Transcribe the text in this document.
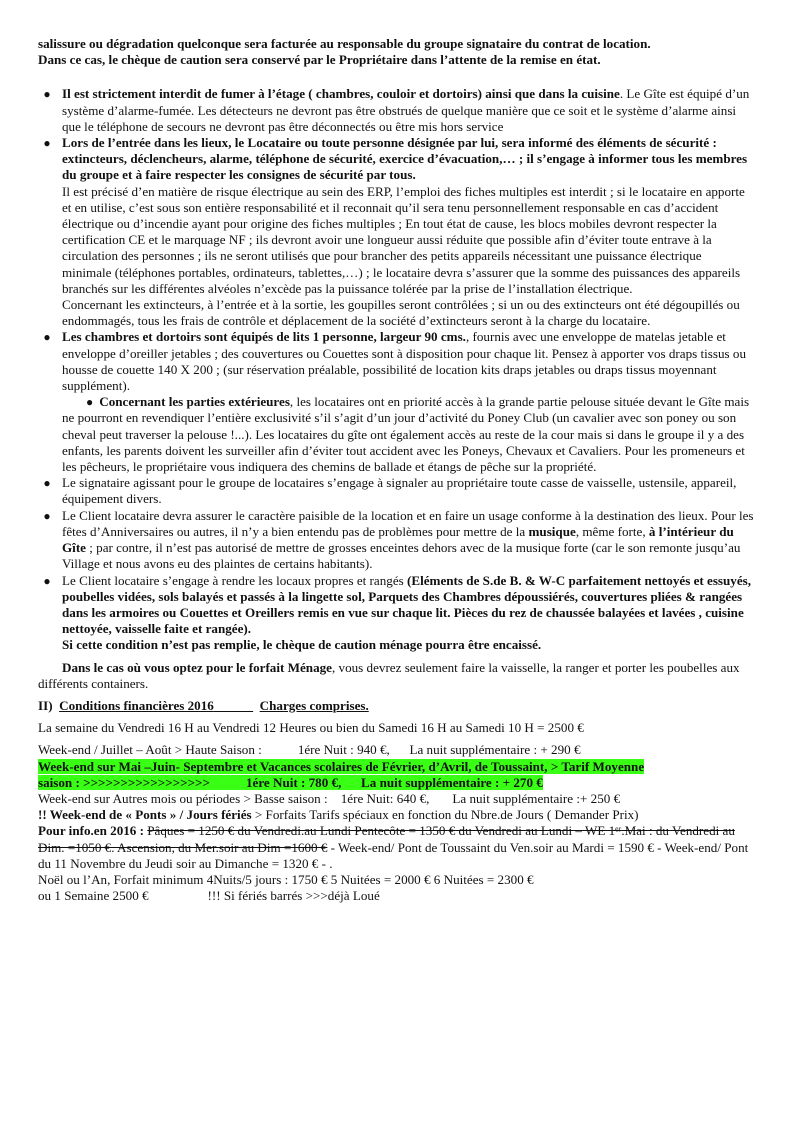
salissure ou dégradation quelconque sera facturée au responsable du groupe signataire du contrat de location.

Dans ce cas, le chèque de caution sera conservé par le Propriétaire dans l’attente de la remise en état.

● Il est strictement interdit de fumer à l’étage ( chambres, couloir et dortoirs) ainsi que dans la cuisine. Le Gîte est équipé d’un système d’alarme-fumée. Les détecteurs ne devront pas être obstrués de quelque manière que ce soit et le système d’alarme ainsi que le téléphone de secours ne devront pas être déconnectés ou être mis hors service

● Lors de l’entrée dans les lieux, le Locataire ou toute personne désignée par lui, sera informé des éléments de sécurité : extincteurs, déclencheurs, alarme, téléphone de sécurité, exercice d’évacuation,… ; il s’engage à informer tous les membres du groupe et à faire respecter les consignes de sécurité par tous.

Il est précisé d’en matière de risque électrique au sein des ERP, l’emploi des fiches multiples est interdit ; si le locataire en apporte et en utilise, c’est sous son entière responsabilité et il reconnait qu’il sera tenu personnellement responsable en cas d’accident électrique ou d’incendie ayant pour origine des fiches multiples ; En tout état de cause, les blocs mobiles devront respecter la certification CE et le marquage NF ; ils devront avoir une longueur aussi réduite que possible afin d’éviter toute entrave à la circulation des personnes ; ils ne seront utilisés que pour brancher des petits appareils nécessitant une puissance électrique minimale (téléphones portables, ordinateurs, tablettes,…) ; le locataire devra s’assurer que la somme des puissances des appareils branchés sur les différentes alvéoles n’excède pas la puissance tolérée par la prise de l’installation électrique.

Concernant les extincteurs, à l’entrée et à la sortie, les goupilles seront contrôlées ; si un ou des extincteurs ont été dégoupillés ou endommagés, tous les frais de contrôle et déplacement de la société d’extincteurs seront à la charge du locataire.

● Les chambres et dortoirs sont équipés de lits 1 personne, largeur 90 cms., fournis avec une enveloppe de matelas jetable et enveloppe d’oreiller jetables ; des couvertures ou Couettes sont à disposition pour chaque lit. Pensez à apporter vos draps tissus ou housse de couette 140 X 200 ; (sur réservation préalable, possibilité de location kits draps jetables ou draps tissus moyennant supplément).

●  Concernant les parties extérieures, les locataires ont en priorité accès à la grande partie pelouse située devant le Gîte mais ne pourront en revendiquer l’entière exclusivité s’il s’agit d’un jour d’activité du Poney Club (un cavalier avec son poney ou son cheval peut traverser la pelouse !...). Les locataires du gîte ont également accès au reste de la cour mais si dans le groupe il y a des enfants, les parents doivent les surveiller afin d’éviter tout accident avec les Poneys, Chevaux et Cavaliers. Pour les promeneurs et les pêcheurs, le propriétaire vous indiquera des chemins de ballade et étangs de pêche sur la propriété.

● Le signataire agissant pour le groupe de locataires s’engage à signaler au propriétaire toute casse de vaisselle, ustensile, appareil, équipement divers.

● Le Client locataire devra assurer le caractère paisible de la location et en faire un usage conforme à la destination des lieux. Pour les fêtes d’Anniversaires ou autres, il n’y a bien entendu pas de problèmes pour mettre de la musique, même forte, à l’intérieur du Gîte ; par contre, il n’est pas autorisé de mettre de grosses enceintes dehors avec de la musique forte (car le son remonte jusqu’au Village et nous avons eu des plaintes de certains habitants).

● Le Client locataire s’engage à rendre les locaux propres et rangés (Eléments de S.de B. & W-C parfaitement nettoyés et essuyés, poubelles vidées, sols balayés et passés à la lingette sol, Parquets des Chambres dépoussiérés, couvertures pliées & rangées dans les armoires ou Couettes et Oreillers remis en vue sur chaque lit. Pièces du rez de chaussée balayées et lavées , cuisine nettoyée, vaisselle faite et rangée).

Si cette condition n’est pas remplie, le chèque de caution ménage pourra être encaissé.

Dans le cas où vous optez pour le forfait Ménage, vous devrez seulement faire la vaisselle, la ranger et porter les poubelles aux différents containers.

II) Conditions financières 2016	Charges comprises.

La semaine du Vendredi 16 H au Vendredi 12 Heures ou bien du Samedi 16 H au Samedi 10 H = 2500 €

Week-end / Juillet – Août > Haute Saison :	1ére Nuit : 940 €, La nuit supplémentaire : + 290 €

Week-end sur Mai –Juin- Septembre et Vacances scolaires de Février, d’Avril, de Toussaint, > Tarif Moyenne
saison : >>>>>>>>>>>>>>>>>	1ére Nuit : 780 €, La nuit supplémentaire : + 270 €

Week-end sur Autres mois ou périodes > Basse saison : 1ére Nuit: 640 €, La nuit supplémentaire :+ 250 €

!! Week-end de « Ponts » / Jours fériés > Forfaits Tarifs spéciaux en fonction du Nbre.de Jours ( Demander Prix)

Pour info.en 2016 : Pâques = 1250 € du Vendredi.au Lundi Pentecôte = 1350 € du Vendredi au Lundi – WE 1ᵉʳ.Mai : du Vendredi au Dim. =1050 €. Ascension, du Mer.soir au Dim =1600 € - Week-end/ Pont de Toussaint du Ven.soir au Mardi = 1590 € - Week-end/ Pont du 11 Novembre du Jeudi soir au Dimanche = 1320 € - .

Noël ou l’An, Forfait minimum 4Nuits/5 jours : 1750 € 5 Nuitées = 2000 € 6 Nuitées = 2300 €

ou 1 Semaine 2500 €	!!! Si fériés barrés >>>déjà Loué
